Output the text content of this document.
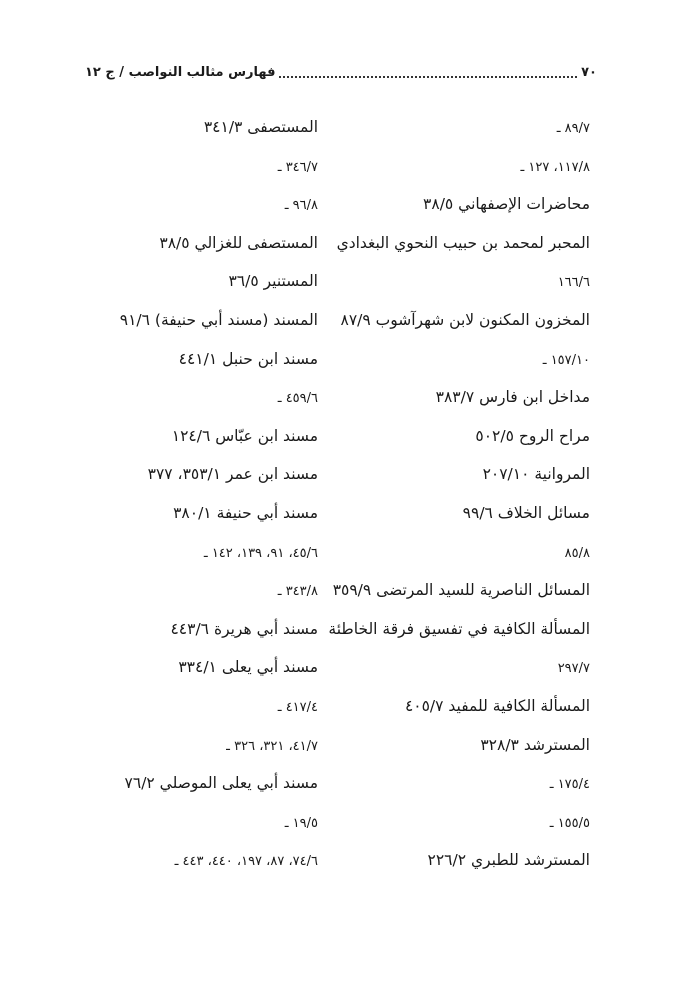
٧٠
فهارس مثالب النواصب / ج ١٢
٨٩/٧ ـ
١١٧/٨، ١٢٧ ـ
محاضرات الإصفهاني ٣٨/٥
المحبر لمحمد بن حبيب النحوي البغدادي
١٦٦/٦
المخزون المكنون لابن شهرآشوب ٨٧/٩
١٥٧/١٠ ـ
مداخل ابن فارس ٣٨٣/٧
مراح الروح ٥٠٢/٥
المروانية ٢٠٧/١٠
مسائل الخلاف ٩٩/٦
٨٥/٨
المسائل الناصرية للسيد المرتضى ٣٥٩/٩
المسألة الكافية في تفسيق فرقة الخاطئة
٢٩٧/٧
المسألة الكافية للمفيد ٤٠٥/٧
المسترشد ٣٢٨/٣
١٧٥/٤ ـ
١٥٥/٥ ـ
المسترشد للطبري ٢٢٦/٢
المستصفى ٣٤١/٣
٣٤٦/٧ ـ
٩٦/٨ ـ
المستصفى للغزالي ٣٨/٥
المستنير ٣٦/٥
المسند (مسند أبي حنيفة) ٩١/٦
مسند ابن حنبل ٤٤١/١
٤٥٩/٦ ـ
مسند ابن عبّاس ١٢٤/٦
مسند ابن عمر ٣٥٣/١، ٣٧٧
مسند أبي حنيفة ٣٨٠/١
٤٥/٦، ٩١، ١٣٩، ١٤٢ ـ
٣٤٣/٨ ـ
مسند أبي هريرة ٤٤٣/٦
مسند أبي يعلى ٣٣٤/١
٤١٧/٤ ـ
٤١/٧، ٣٢١، ٣٢٦ ـ
مسند أبي يعلى الموصلي ٧٦/٢
١٩/٥ ـ
٧٤/٦، ٨٧، ١٩٧، ٤٤٠، ٤٤٣ ـ
